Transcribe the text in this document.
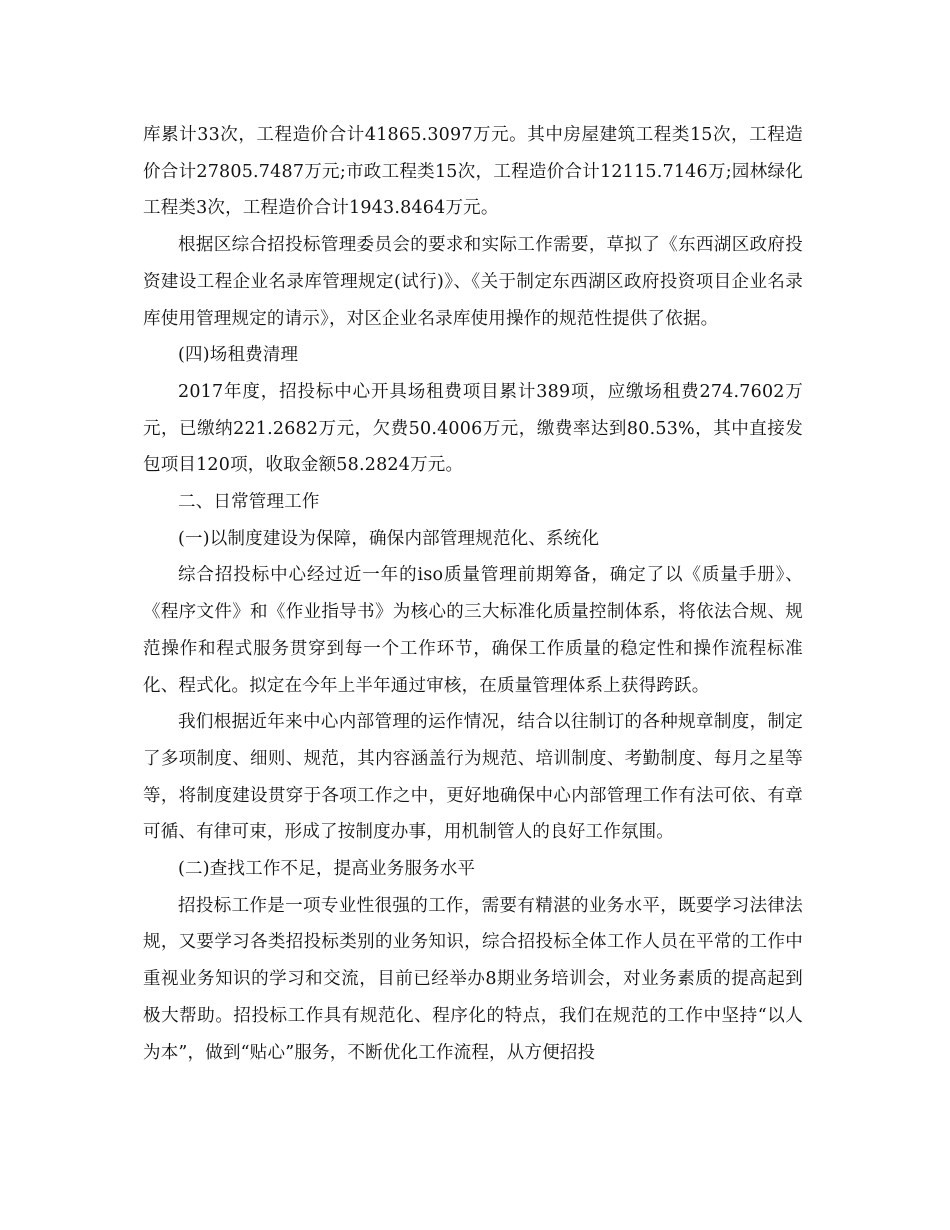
库累计33次，工程造价合计41865.3097万元。其中房屋建筑工程类15次，工程造价合计27805.7487万元;市政工程类15次，工程造价合计12115.7146万;园林绿化工程类3次，工程造价合计1943.8464万元。

根据区综合招投标管理委员会的要求和实际工作需要，草拟了《东西湖区政府投资建设工程企业名录库管理规定(试行)》、《关于制定东西湖区政府投资项目企业名录库使用管理规定的请示》，对区企业名录库使用操作的规范性提供了依据。

(四)场租费清理

2017年度，招投标中心开具场租费项目累计389项，应缴场租费274.7602万元，已缴纳221.2682万元，欠费50.4006万元，缴费率达到80.53%，其中直接发包项目120项，收取金额58.2824万元。

二、日常管理工作

(一)以制度建设为保障，确保内部管理规范化、系统化

综合招投标中心经过近一年的iso质量管理前期筹备，确定了以《质量手册》、《程序文件》和《作业指导书》为核心的三大标准化质量控制体系，将依法合规、规范操作和程式服务贯穿到每一个工作环节，确保工作质量的稳定性和操作流程标准化、程式化。拟定在今年上半年通过审核，在质量管理体系上获得跨跃。

我们根据近年来中心内部管理的运作情况，结合以往制订的各种规章制度，制定了多项制度、细则、规范，其内容涵盖行为规范、培训制度、考勤制度、每月之星等等，将制度建设贯穿于各项工作之中，更好地确保中心内部管理工作有法可依、有章可循、有律可束，形成了按制度办事，用机制管人的良好工作氛围。

(二)查找工作不足，提高业务服务水平

招投标工作是一项专业性很强的工作，需要有精湛的业务水平，既要学习法律法规，又要学习各类招投标类别的业务知识，综合招投标全体工作人员在平常的工作中重视业务知识的学习和交流，目前已经举办8期业务培训会，对业务素质的提高起到极大帮助。招投标工作具有规范化、程序化的特点，我们在规范的工作中坚持“以人为本”，做到“贴心”服务，不断优化工作流程，从方便招投
